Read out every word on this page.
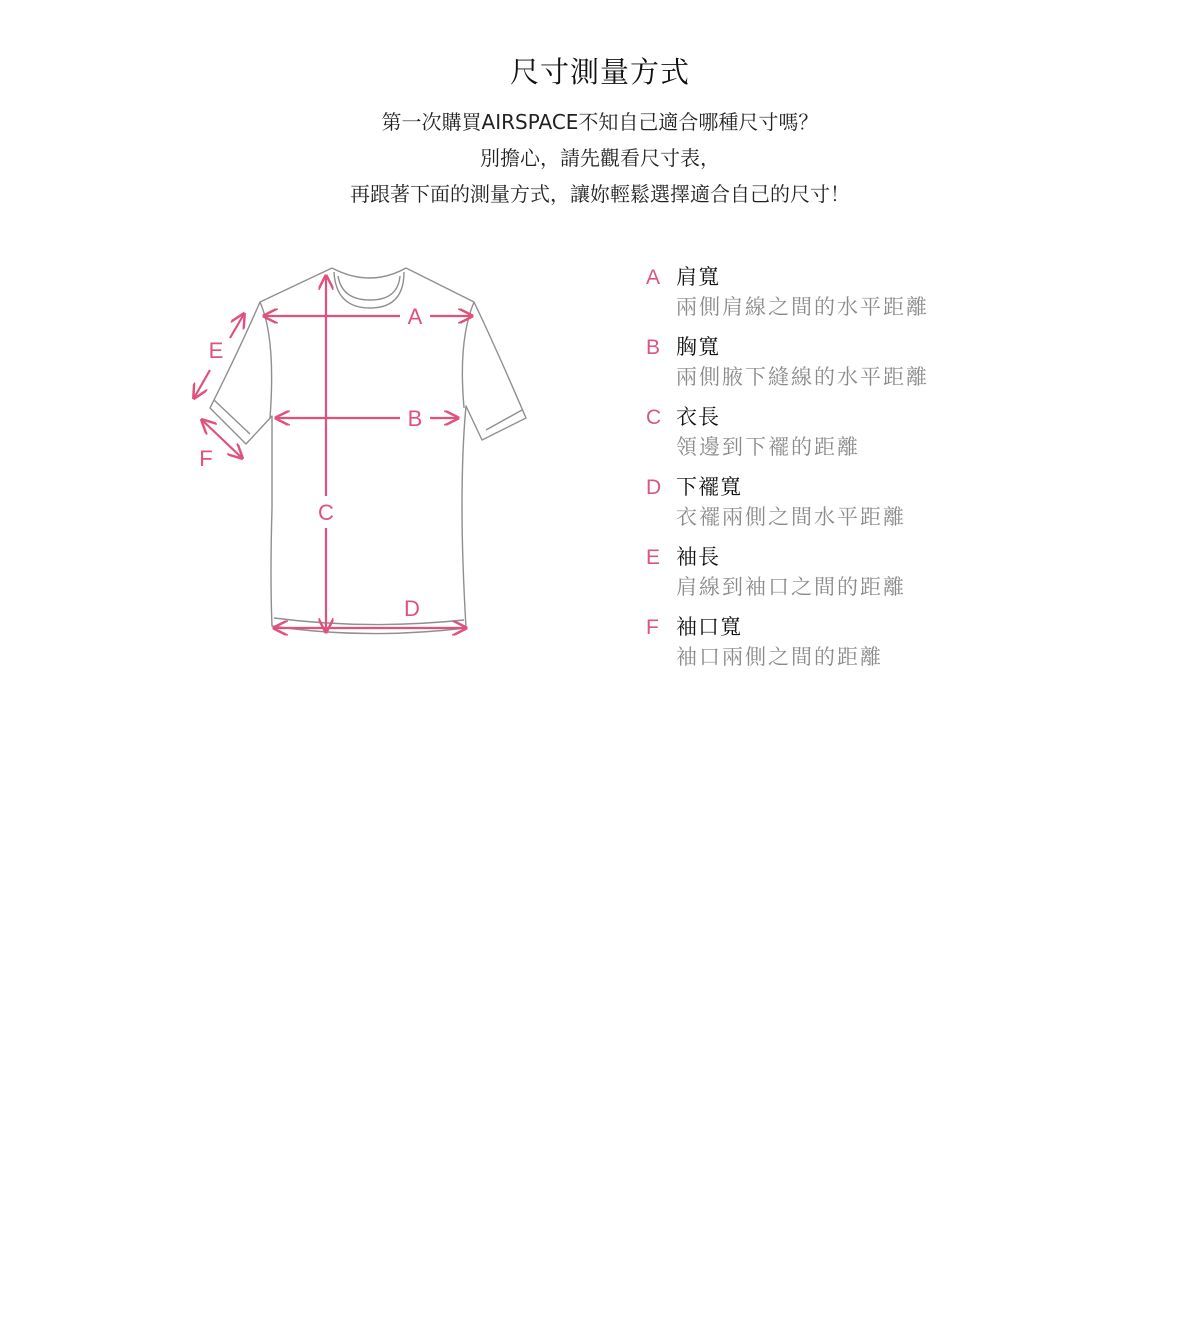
尺寸測量方式

第一次購買AIRSPACE不知自己適合哪種尺寸嗎？

別擔心，請先觀看尺寸表，

再跟著下面的測量方式，讓妳輕鬆選擇適合自己的尺寸！

A
B
C
D
E
F
A 肩寬
兩側肩線之間的水平距離
B 胸寬
兩側腋下縫線的水平距離
C 衣長
領邊到下襬的距離
D 下襬寬
衣襬兩側之間水平距離
E 袖長
肩線到袖口之間的距離
F 袖口寬
袖口兩側之間的距離
